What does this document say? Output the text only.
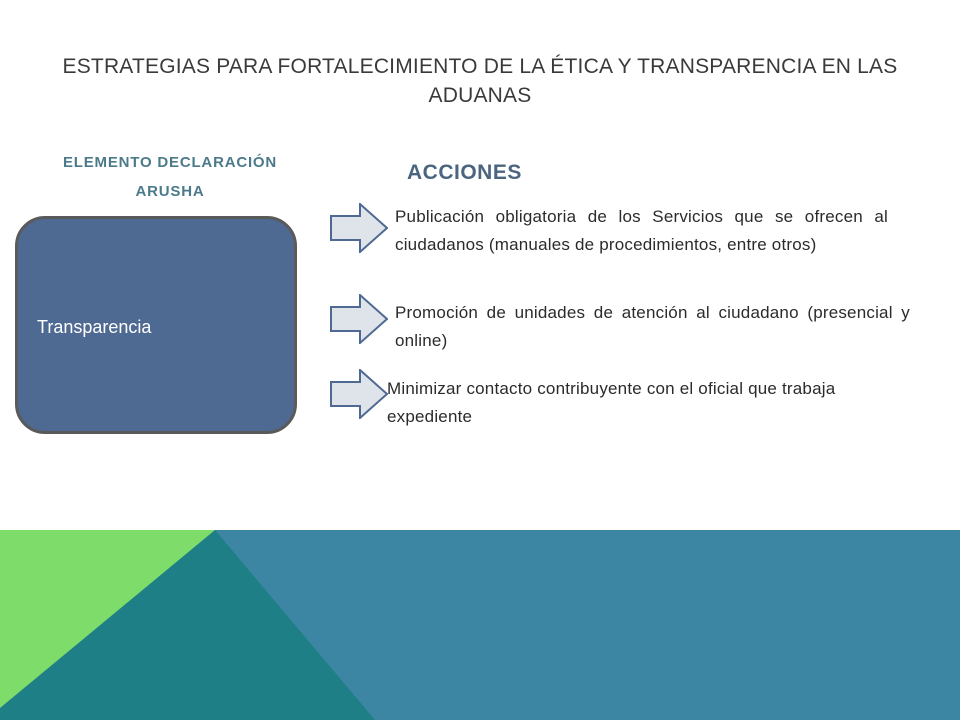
ESTRATEGIAS PARA FORTALECIMIENTO DE LA ÉTICA Y TRANSPARENCIA EN LAS ADUANAS
ELEMENTO DECLARACIÓN ARUSHA
ACCIONES
Transparencia
Publicación obligatoria de los Servicios que se ofrecen al ciudadanos (manuales de procedimientos, entre otros)
Promoción de unidades de atención al ciudadano (presencial y online)
Minimizar contacto contribuyente con el oficial que trabaja expediente
